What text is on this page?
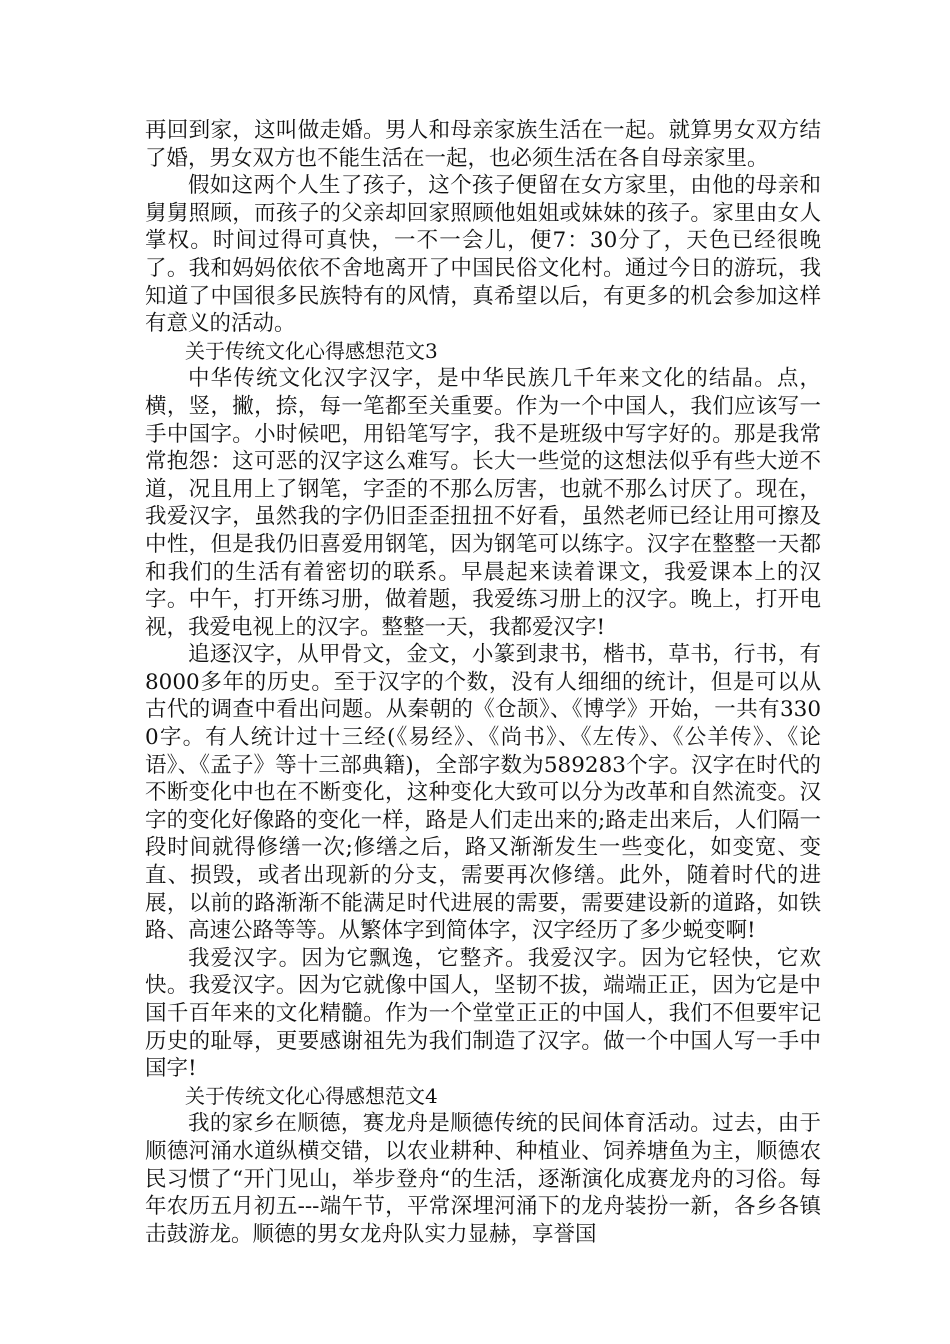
再回到家，这叫做走婚。男人和母亲家族生活在一起。就算男女双方结了婚，男女双方也不能生活在一起，也必须生活在各自母亲家里。

假如这两个人生了孩子，这个孩子便留在女方家里，由他的母亲和舅舅照顾，而孩子的父亲却回家照顾他姐姐或妹妹的孩子。家里由女人掌权。时间过得可真快，一不一会儿，便7：30分了，天色已经很晚了。我和妈妈依依不舍地离开了中国民俗文化村。通过今日的游玩，我知道了中国很多民族特有的风情，真希望以后，有更多的机会参加这样有意义的活动。

关于传统文化心得感想范文3

中华传统文化汉字汉字，是中华民族几千年来文化的结晶。点，横，竖，撇，捺，每一笔都至关重要。作为一个中国人，我们应该写一手中国字。小时候吧，用铅笔写字，我不是班级中写字好的。那是我常常抱怨：这可恶的汉字这么难写。长大一些觉的这想法似乎有些大逆不道，况且用上了钢笔，字歪的不那么厉害，也就不那么讨厌了。现在，我爱汉字，虽然我的字仍旧歪歪扭扭不好看，虽然老师已经让用可擦及中性，但是我仍旧喜爱用钢笔，因为钢笔可以练字。汉字在整整一天都和我们的生活有着密切的联系。早晨起来读着课文，我爱课本上的汉字。中午，打开练习册，做着题，我爱练习册上的汉字。晚上，打开电视，我爱电视上的汉字。整整一天，我都爱汉字!

追逐汉字，从甲骨文，金文，小篆到隶书，楷书，草书，行书，有8000多年的历史。至于汉字的个数，没有人细细的统计，但是可以从古代的调查中看出问题。从秦朝的《仓颉》、《博学》开始，一共有3300字。有人统计过十三经(《易经》、《尚书》、《左传》、《公羊传》、《论语》、《孟子》等十三部典籍)，全部字数为589283个字。汉字在时代的不断变化中也在不断变化，这种变化大致可以分为改革和自然流变。汉字的变化好像路的变化一样，路是人们走出来的;路走出来后，人们隔一段时间就得修缮一次;修缮之后，路又渐渐发生一些变化，如变宽、变直、损毁，或者出现新的分支，需要再次修缮。此外，随着时代的进展，以前的路渐渐不能满足时代进展的需要，需要建设新的道路，如铁路、高速公路等等。从繁体字到简体字，汉字经历了多少蜕变啊!

我爱汉字。因为它飘逸，它整齐。我爱汉字。因为它轻快，它欢快。我爱汉字。因为它就像中国人，坚韧不拔，端端正正，因为它是中国千百年来的文化精髓。作为一个堂堂正正的中国人，我们不但要牢记历史的耻辱，更要感谢祖先为我们制造了汉字。做一个中国人写一手中国字!

关于传统文化心得感想范文4

我的家乡在顺德，赛龙舟是顺德传统的民间体育活动。过去，由于顺德河涌水道纵横交错，以农业耕种、种植业、饲养塘鱼为主，顺德农民习惯了“开门见山，举步登舟“的生活，逐渐演化成赛龙舟的习俗。每年农历五月初五---端午节，平常深埋河涌下的龙舟装扮一新，各乡各镇击鼓游龙。顺德的男女龙舟队实力显赫，享誉国
